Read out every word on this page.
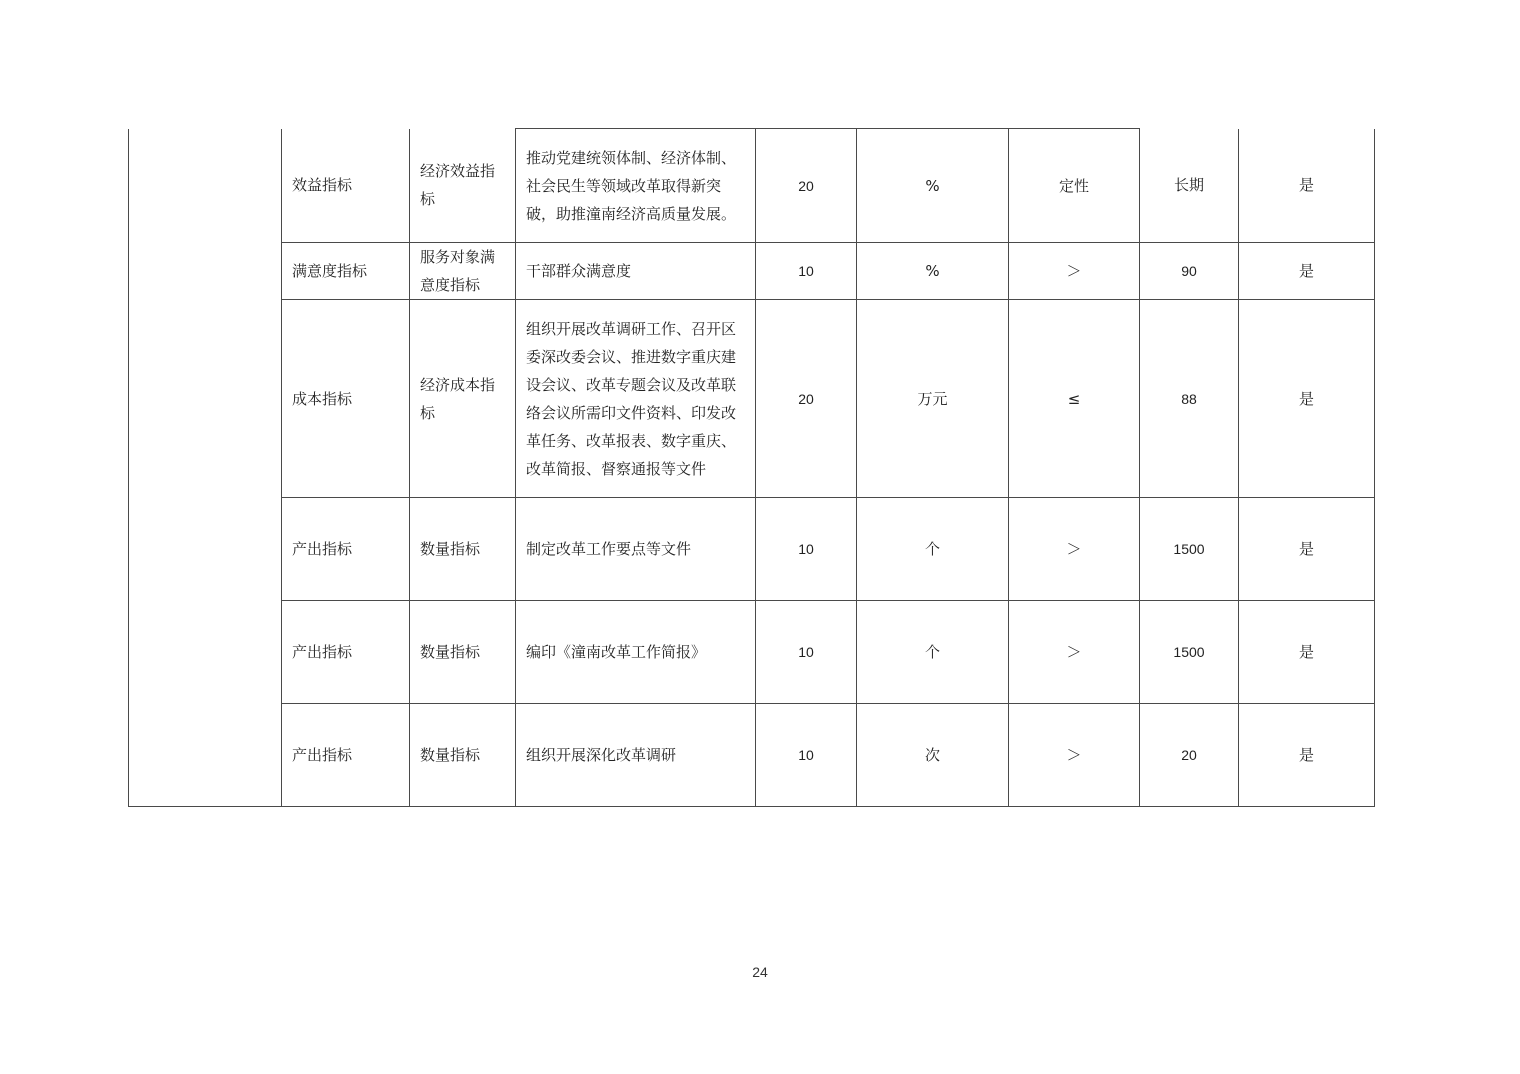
	效益指标	经济效益指标	推动党建统领体制、经济体制、社会民生等领域改革取得新突破，助推潼南经济高质量发展。	20	%	定性	长期	是
	满意度指标	服务对象满意度指标	干部群众满意度	10	%	＞	90	是
	成本指标	经济成本指标	组织开展改革调研工作、召开区委深改委会议、推进数字重庆建设会议、改革专题会议及改革联络会议所需印文件资料、印发改革任务、改革报表、数字重庆、改革简报、督察通报等文件	20	万元	≤	88	是
	产出指标	数量指标	制定改革工作要点等文件	10	个	＞	1500	是
	产出指标	数量指标	编印《潼南改革工作简报》	10	个	＞	1500	是
	产出指标	数量指标	组织开展深化改革调研	10	次	＞	20	是
24
